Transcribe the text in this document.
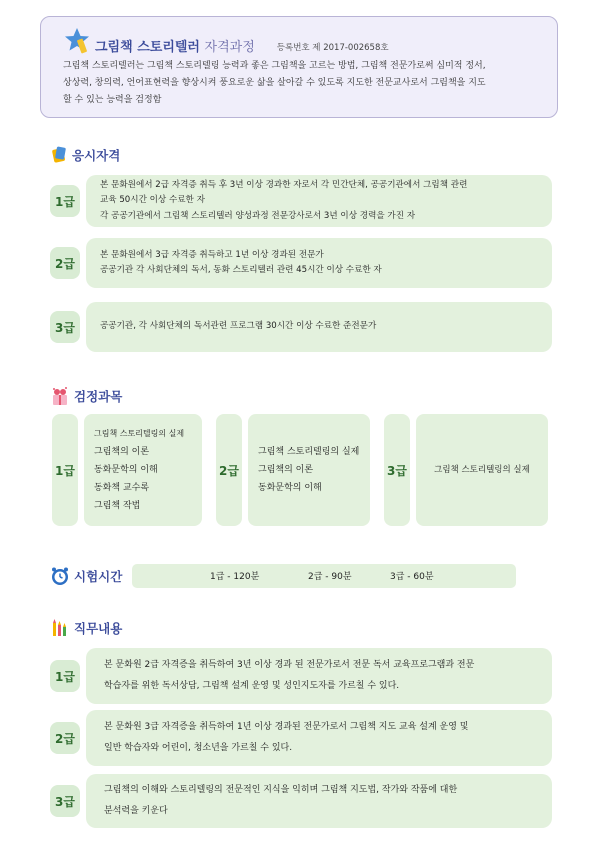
그림책 스토리텔러 자격과정	등록번호 제 2017-002658호
그림책 스토리텔러는 그림책 스토리텔링 능력과 좋은 그림책을 고르는 방법, 그림책 전문가로써 심미적 정서,
상상력, 창의력, 언어표현력을 향상시켜 풍요로운 삶을 살아갈 수 있도록 지도한 전문교사로서 그림책을 지도
할 수 있는 능력을 검정함
응시자격
1급
본 문화원에서 2급 자격증 취득 후 3년 이상 경과한 자로서 각 민간단체, 공공기관에서 그림책 관련
교육 50시간 이상 수료한 자
각 공공기관에서 그림책 스토리텔러 양성과정 전문강사로서 3년 이상 경력을 가진 자
2급
본 문화원에서 3급 자격증 취득하고 1년 이상 경과된 전문가
공공기관 각 사회단체의 독서, 동화 스토리텔러 관련 45시간 이상 수료한 자
3급	공공기관, 각 사회단체의 독서관련 프로그램 30시간 이상 수료한 준전문가
검정과목
1급
그림책 스토리텔링의 실제
그림책의 이론
동화문학의 이해
동화책 교수록
그림책 작법
2급
그림책 스토리텔링의 실제
그림책의 이론
동화문학의 이해
3급	그림책 스토리텔링의 실제
시험시간	1급 - 120분	2급 - 90분	3급 - 60분
직무내용
1급
본 문화원 2급 자격증을 취득하여 3년 이상 경과 된 전문가로서 전문 독서 교육프로그램과 전문
학습자를 위한 독서상담, 그림책 설계 운영 및 성인지도자를 가르칠 수 있다.
2급
본 문화원 3급 자격증을 취득하여 1년 이상 경과된 전문가로서 그림책 지도 교육 설계 운영 및
일반 학습자와 어린이, 청소년을 가르칠 수 있다.
3급
그림책의 이해와 스토리텔링의 전문적인 지식을 익히며 그림책 지도법, 작가와 작품에 대한
분석력을 키운다
